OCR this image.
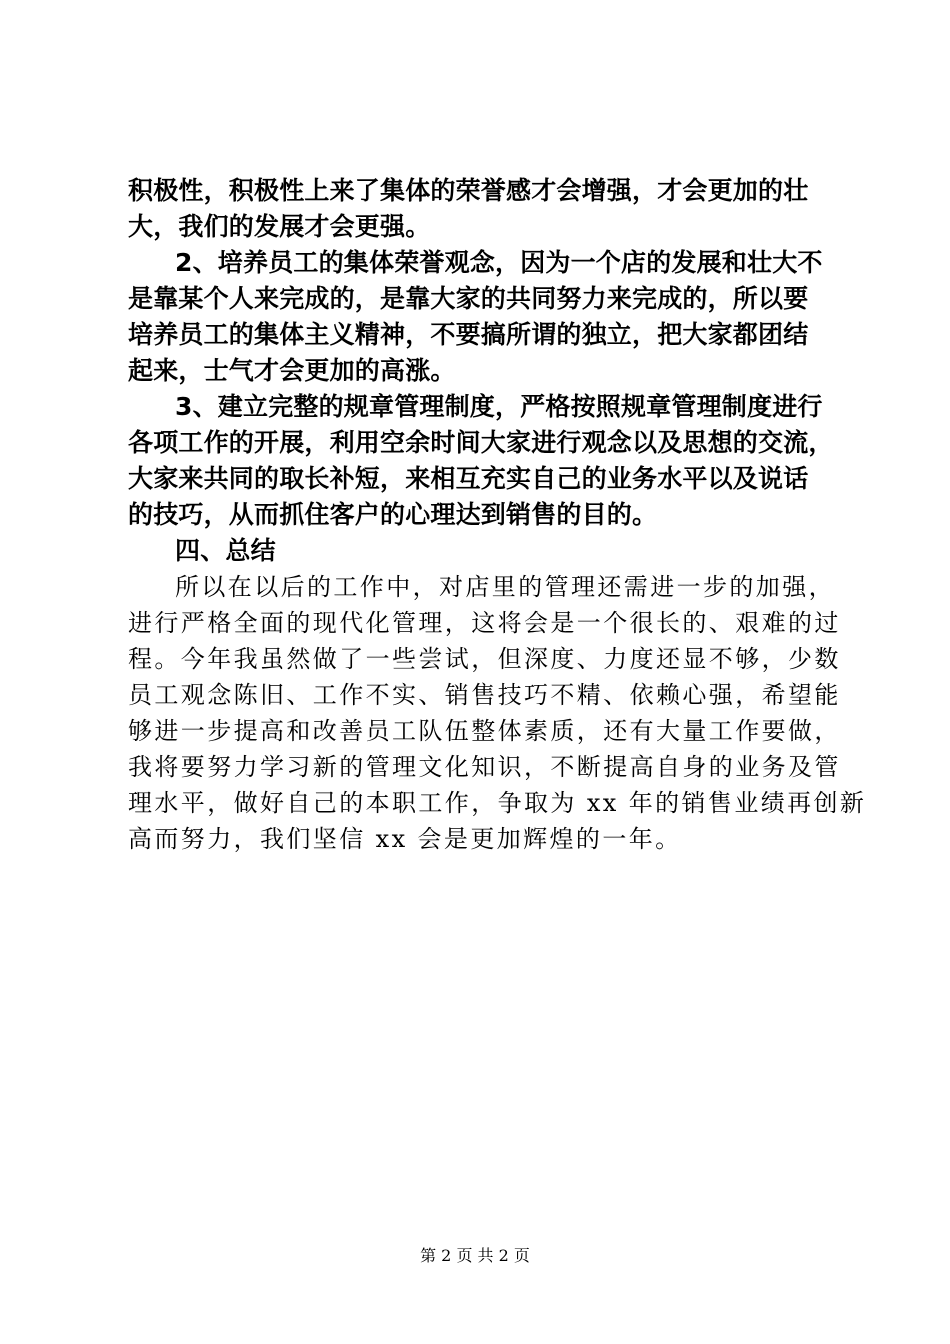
积极性，积极性上来了集体的荣誉感才会增强，才会更加的壮
大，我们的发展才会更强。
2、培养员工的集体荣誉观念，因为一个店的发展和壮大不
是靠某个人来完成的，是靠大家的共同努力来完成的，所以要
培养员工的集体主义精神，不要搞所谓的独立，把大家都团结
起来，士气才会更加的高涨。
3、建立完整的规章管理制度，严格按照规章管理制度进行
各项工作的开展，利用空余时间大家进行观念以及思想的交流，
大家来共同的取长补短，来相互充实自己的业务水平以及说话
的技巧，从而抓住客户的心理达到销售的目的。
四、总结
所以在以后的工作中，对店里的管理还需进一步的加强，
进行严格全面的现代化管理，这将会是一个很长的、艰难的过
程。今年我虽然做了一些尝试，但深度、力度还显不够，少数
员工观念陈旧、工作不实、销售技巧不精、依赖心强，希望能
够进一步提高和改善员工队伍整体素质，还有大量工作要做，
我将要努力学习新的管理文化知识，不断提高自身的业务及管
理水平，做好自己的本职工作，争取为 xx 年的销售业绩再创新
高而努力，我们坚信 xx 会是更加辉煌的一年。
第 2 页 共 2 页
